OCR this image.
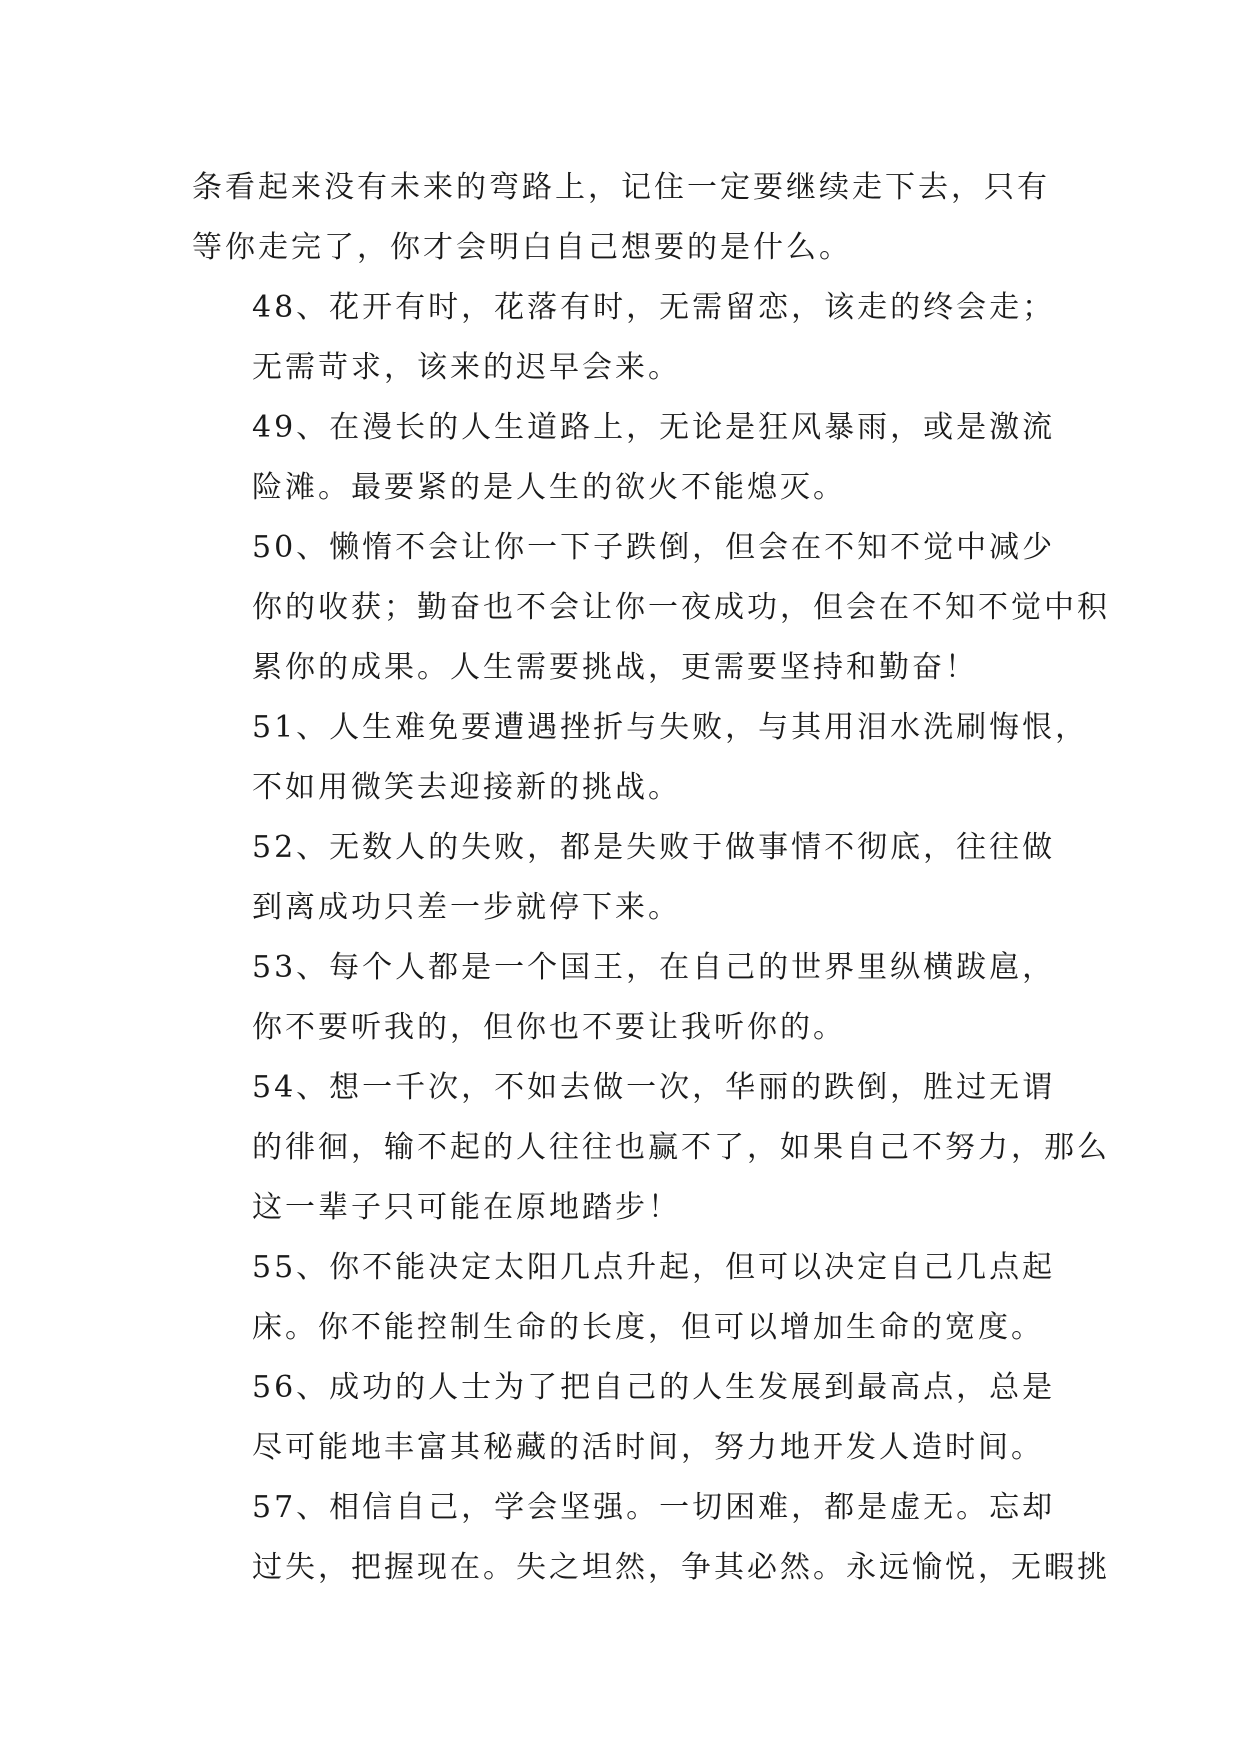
条看起来没有未来的弯路上，记住一定要继续走下去，只有
等你走完了，你才会明白自己想要的是什么。

48、花开有时，花落有时，无需留恋，该走的终会走；
无需苛求，该来的迟早会来。

49、在漫长的人生道路上，无论是狂风暴雨，或是激流
险滩。最要紧的是人生的欲火不能熄灭。

50、懒惰不会让你一下子跌倒，但会在不知不觉中减少
你的收获；勤奋也不会让你一夜成功，但会在不知不觉中积
累你的成果。人生需要挑战，更需要坚持和勤奋！

51、人生难免要遭遇挫折与失败，与其用泪水洗刷悔恨，
不如用微笑去迎接新的挑战。

52、无数人的失败，都是失败于做事情不彻底，往往做
到离成功只差一步就停下来。

53、每个人都是一个国王，在自己的世界里纵横跋扈，
你不要听我的，但你也不要让我听你的。

54、想一千次，不如去做一次，华丽的跌倒，胜过无谓
的徘徊，输不起的人往往也赢不了，如果自己不努力，那么
这一辈子只可能在原地踏步！

55、你不能决定太阳几点升起，但可以决定自己几点起
床。你不能控制生命的长度，但可以增加生命的宽度。

56、成功的人士为了把自己的人生发展到最高点，总是
尽可能地丰富其秘藏的活时间，努力地开发人造时间。

57、相信自己，学会坚强。一切困难，都是虚无。忘却
过失，把握现在。失之坦然，争其必然。永远愉悦，无暇挑
